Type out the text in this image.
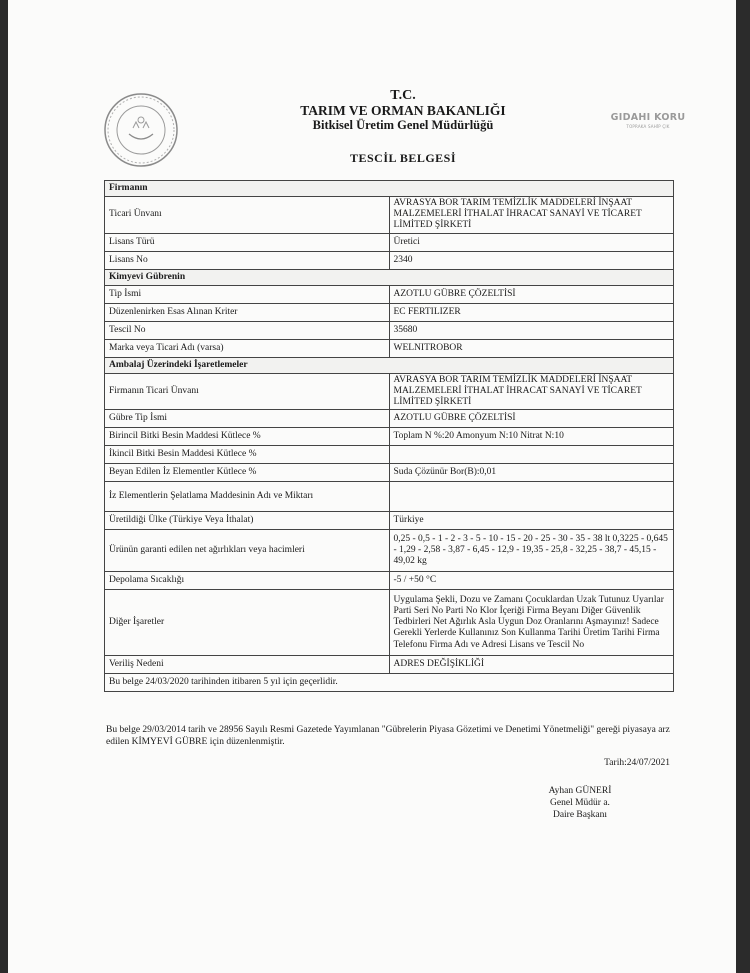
T.C.
TARIM VE ORMAN BAKANLIĞI
Bitkisel Üretim Genel Müdürlüğü
GIDAHI KORU
TOPRAKA SAHİP ÇIK
TESCİL BELGESİ
Firmanın	
Ticari Ünvanı	AVRASYA BOR TARIM TEMİZLİK MADDELERİ İNŞAAT MALZEMELERİ İTHALAT İHRACAT SANAYİ VE TİCARET LİMİTED ŞİRKETİ
Lisans Türü	Üretici
Lisans No	2340
Kimyevi Gübrenin	
Tip İsmi	AZOTLU GÜBRE ÇÖZELTİSİ
Düzenlenirken Esas Alınan Kriter	EC FERTILIZER
Tescil No	35680
Marka veya Ticari Adı (varsa)	WELNITROBOR
Ambalaj Üzerindeki İşaretlemeler	
Firmanın Ticari Ünvanı	AVRASYA BOR TARIM TEMİZLİK MADDELERİ İNŞAAT MALZEMELERİ İTHALAT İHRACAT SANAYİ VE TİCARET LİMİTED ŞİRKETİ
Gübre Tip İsmi	AZOTLU GÜBRE ÇÖZELTİSİ
Birincil Bitki Besin Maddesi Kütlece %	Toplam N %:20 Amonyum N:10 Nitrat N:10
İkincil Bitki Besin Maddesi Kütlece %	
Beyan Edilen İz Elementler Kütlece %	Suda Çözünür Bor(B):0,01
İz Elementlerin Şelatlama Maddesinin Adı ve Miktarı	
Üretildiği Ülke (Türkiye Veya İthalat)	Türkiye
Ürünün garanti edilen net ağırlıkları veya hacimleri	0,25 - 0,5 - 1 - 2 - 3 - 5 - 10 - 15 - 20 - 25 - 30 - 35 - 38 lt 0,3225 - 0,645 - 1,29 - 2,58 - 3,87 - 6,45 - 12,9 - 19,35 - 25,8 - 32,25 - 38,7 - 45,15 - 49,02 kg
Depolama Sıcaklığı	-5 / +50 °C
Diğer İşaretler	Uygulama Şekli, Dozu ve Zamanı Çocuklardan Uzak Tutunuz Uyarılar Parti Seri No Parti No Klor İçeriği Firma Beyanı Diğer Güvenlik Tedbirleri Net Ağırlık Asla Uygun Doz Oranlarını Aşmayınız! Sadece Gerekli Yerlerde Kullanınız Son Kullanma Tarihi Üretim Tarihi Firma Telefonu Firma Adı ve Adresi Lisans ve Tescil No
Veriliş Nedeni	ADRES DEĞİŞİKLİĞİ
Bu belge 24/03/2020 tarihinden itibaren 5 yıl için geçerlidir.	
Bu belge 29/03/2014 tarih ve 28956 Sayılı Resmi Gazetede Yayımlanan "Gübrelerin Piyasa Gözetimi ve Denetimi Yönetmeliği" gereği piyasaya arz edilen KİMYEVİ GÜBRE için düzenlenmiştir.
Tarih:24/07/2021
Ayhan GÜNERİ
Genel Müdür a.
Daire Başkanı
